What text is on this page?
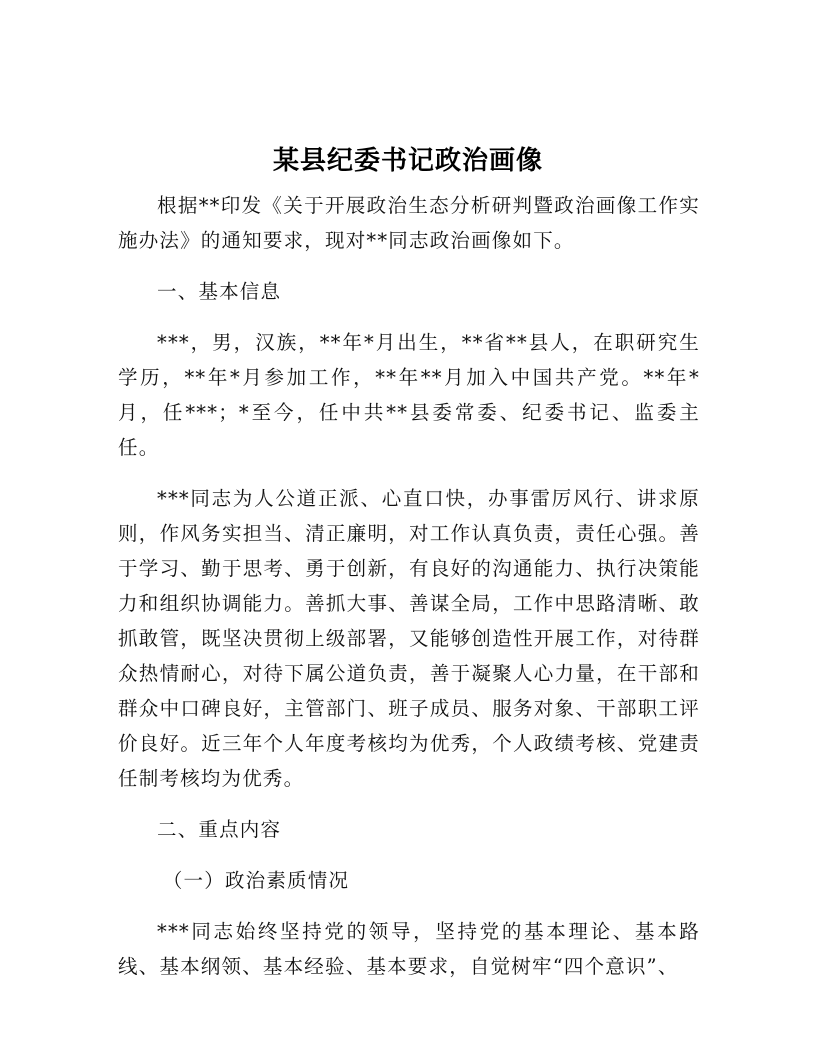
某县纪委书记政治画像

根据**印发《关于开展政治生态分析研判暨政治画像工作实施办法》的通知要求，现对**同志政治画像如下。

一、基本信息

***，男，汉族，**年*月出生，**省**县人，在职研究生学历，**年*月参加工作，**年**月加入中国共产党。**年*月，任***；*至今，任中共**县委常委、纪委书记、监委主任。

***同志为人公道正派、心直口快，办事雷厉风行、讲求原则，作风务实担当、清正廉明，对工作认真负责，责任心强。善于学习、勤于思考、勇于创新，有良好的沟通能力、执行决策能力和组织协调能力。善抓大事、善谋全局，工作中思路清晰、敢抓敢管，既坚决贯彻上级部署，又能够创造性开展工作，对待群众热情耐心，对待下属公道负责，善于凝聚人心力量，在干部和群众中口碑良好，主管部门、班子成员、服务对象、干部职工评价良好。近三年个人年度考核均为优秀，个人政绩考核、党建责任制考核均为优秀。

二、重点内容

（一）政治素质情况

***同志始终坚持党的领导，坚持党的基本理论、基本路线、基本纲领、基本经验、基本要求，自觉树牢“四个意识”、
